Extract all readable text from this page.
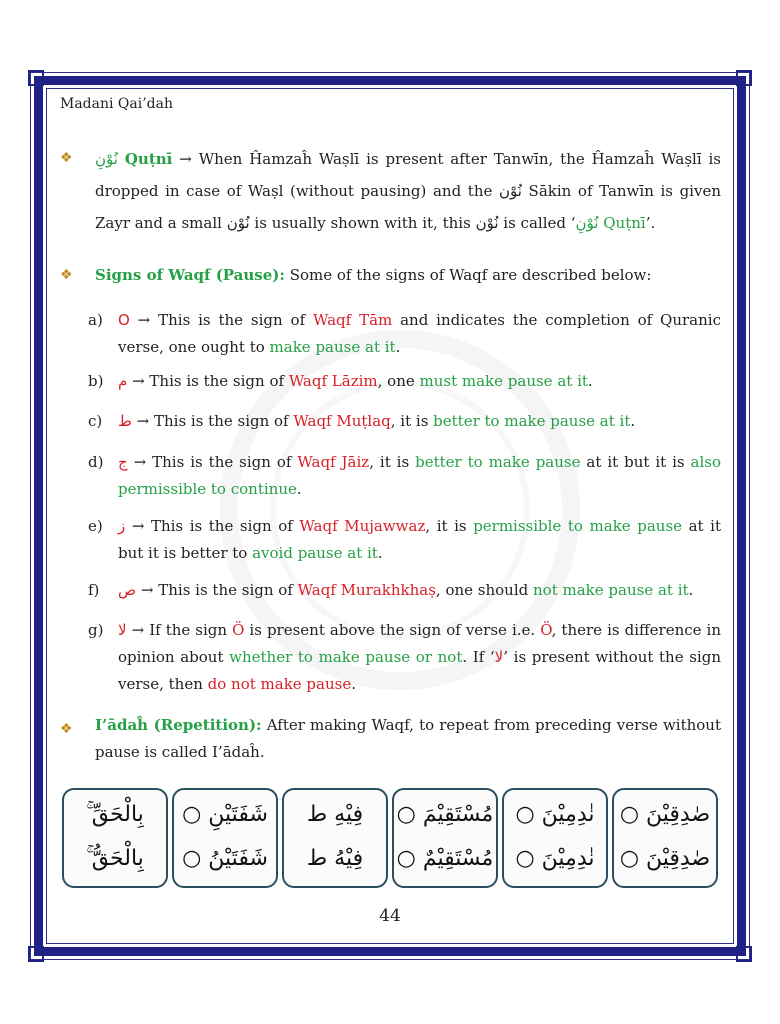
Madani Qai’dah
❖ نُوْنِ Quṭnī → When Ĥamzaĥ Waṣlī is present after Tanwīn, the Ĥamzaĥ Waṣlī is dropped in case of Waṣl (without pausing) and the نُوْن Sākin of Tanwīn is given Zayr and a small نُوْن is usually shown with it, this نُوْن is called ‘نُوْنِ Quṭnī’.
❖ Signs of Waqf (Pause): Some of the signs of Waqf are described below:
a)	O → This is the sign of Waqf Tām and indicates the completion of Quranic verse, one ought to make pause at it.
b) م → This is the sign of Waqf Lāzim, one must make pause at it.
c)	ط → This is the sign of Waqf Muṭlaq, it is better to make pause at it.
d) ج → This is the sign of Waqf Jāiz, it is better to make pause at it but it is also permissible to continue.
e)	ز → This is the sign of Waqf Mujawwaz, it is permissible to make pause at it but it is better to avoid pause at it.
f)	ص → This is the sign of Waqf Murakhkhaṣ, one should not make pause at it.
g) لا → If the sign Ö is present above the sign of verse i.e. Ö, there is difference in opinion about whether to make pause or not. If ‘لا’ is present without the sign verse, then do not make pause.
❖ I’ādaĥ (Repetition): After making Waqf, to repeat from preceding verse without pause is called I’ādaĥ.
بِالْحَقِّ ۚ
بِالْحَقُّ ۚ
شَفَتَيْنِ ○
شَفَتَيْنُ ○
فِيْهِ ط
فِيْهُ ط
مُسْتَقِيْمَ ○
مُسْتَقِيْمٌ ○
نٰدِمِيْنَ ○
نٰدِمِيْنَ ○
صٰدِقِيْنَ ○
صٰدِقِيْنَ ○
44
